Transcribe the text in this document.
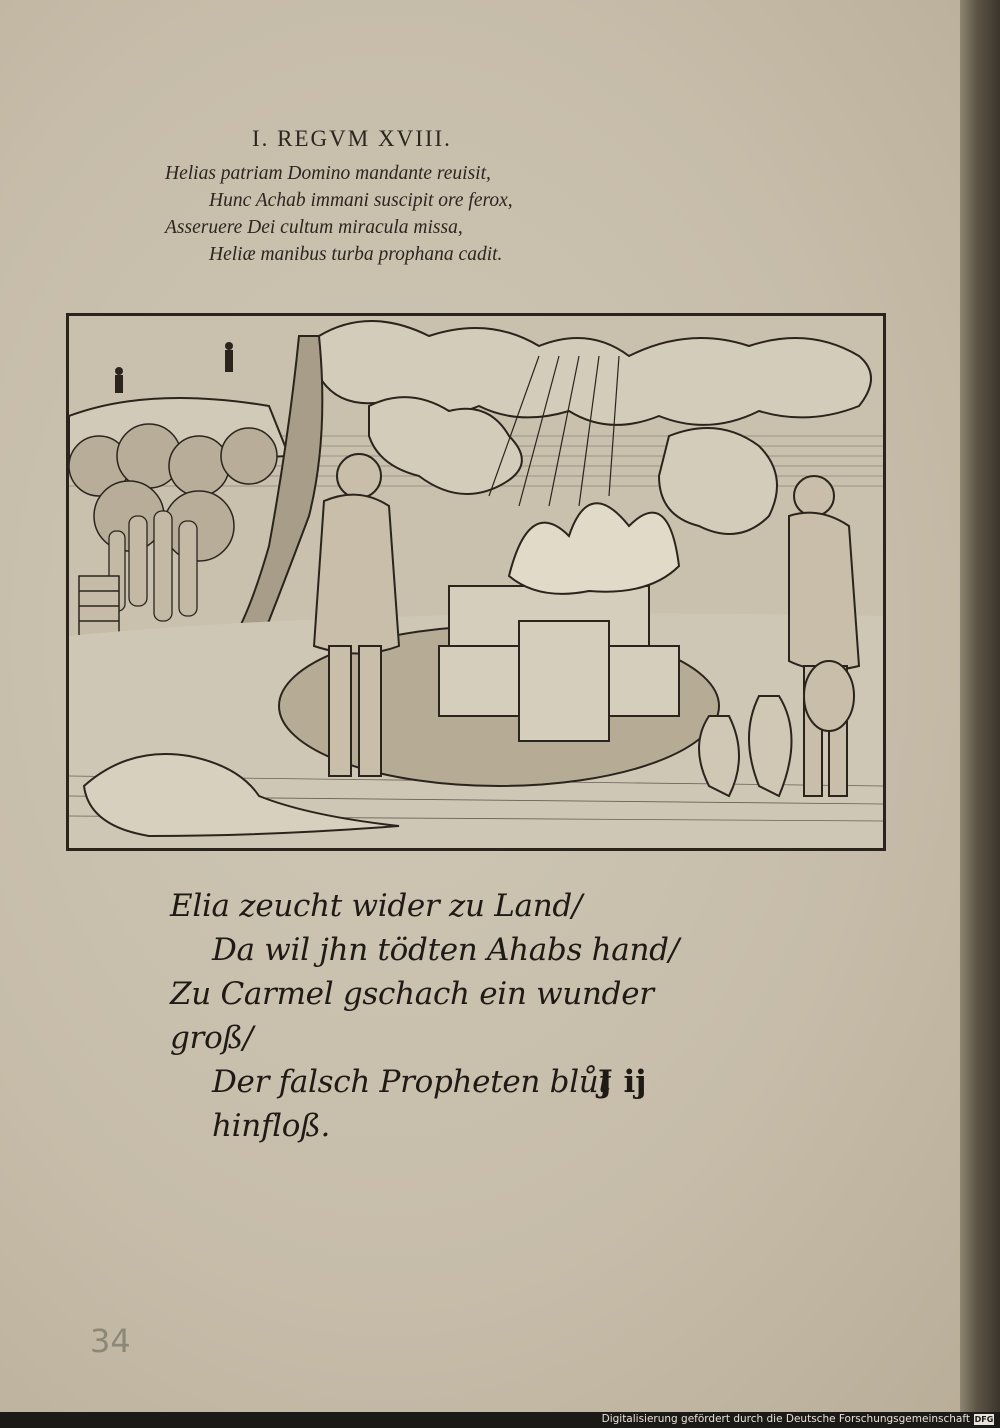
I. REGVM XVIII.
Helias patriam Domino mandante reuisit,
Hunc Achab immani suscipit ore ferox,
Asseruere Dei cultum miracula missa,
Heliæ manibus turba prophana cadit.
Elia zeucht wider zu Land/
Da wil jhn tödten Ahabs hand/
Zu Carmel gschach ein wunder groß/
Der falsch Propheten blůt hinfloß.
J ij
34
Digitalisierung gefördert durch die Deutsche Forschungsgemeinschaft DFG
